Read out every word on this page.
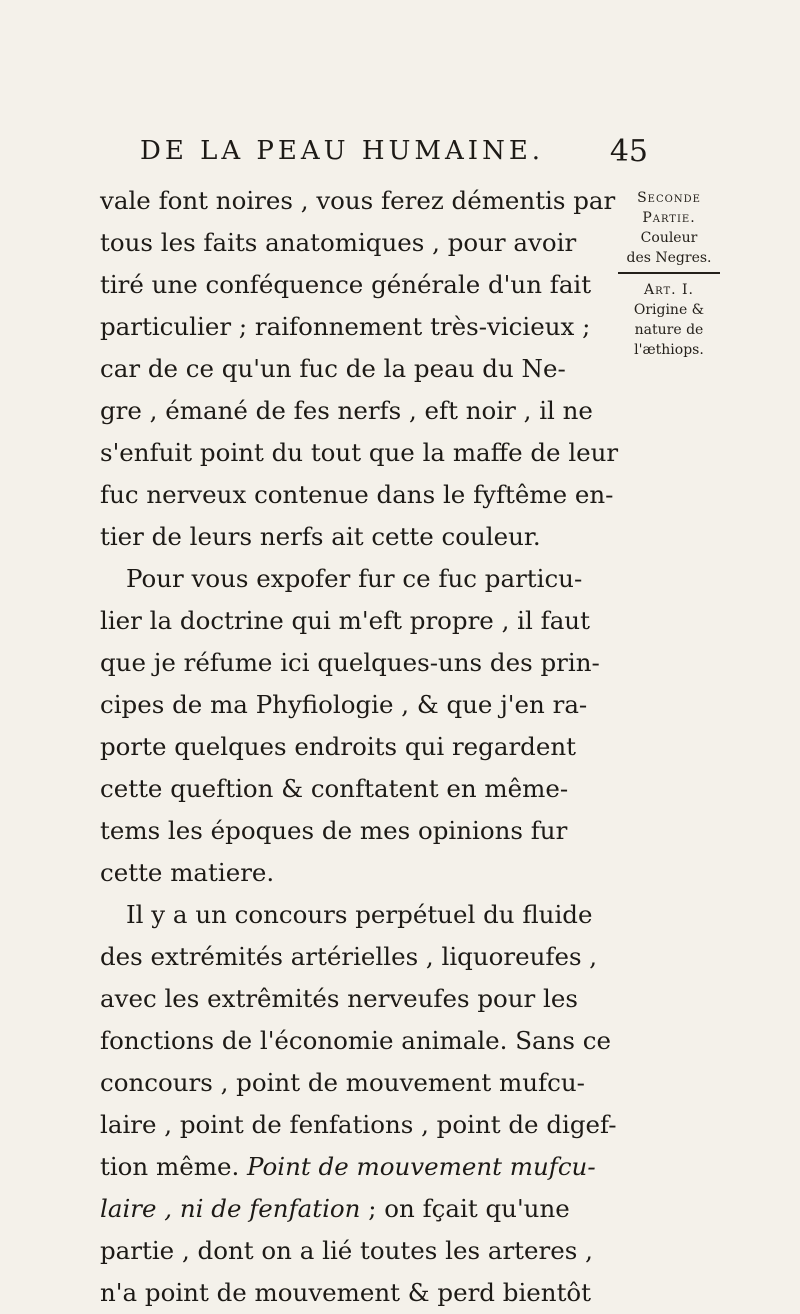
DE LA PEAU HUMAINE. 45
vale font noires , vous ferez démentis par
tous les faits anatomiques , pour avoir
tiré une conféquence générale d'un fait
particulier ; raifonnement très-vicieux ;
car de ce qu'un fuc de la peau du Ne-
gre , émané de fes nerfs , eft noir , il ne
s'enfuit point du tout que la maffe de leur
fuc nerveux contenue dans le fyftême en-
tier de leurs nerfs ait cette couleur.
Pour vous expofer fur ce fuc particu-
lier la doctrine qui m'eft propre , il faut
que je réfume ici quelques-uns des prin-
cipes de ma Phyfiologie , & que j'en ra-
porte quelques endroits qui regardent
cette queftion & conftatent en même-
tems les époques de mes opinions fur
cette matiere.
Il y a un concours perpétuel du fluide
des extrémités artérielles , liquoreufes ,
avec les extrêmités nerveufes pour les
fonctions de l'économie animale. Sans ce
concours , point de mouvement mufcu-
laire , point de fenfations , point de digef-
tion même. Point de mouvement mufcu-
laire , ni de fenfation ; on fçait qu'une
partie , dont on a lié toutes les arteres ,
n'a point de mouvement & perd bientôt
Seconde
Partie.
Couleur
des Negres.
Art. I.
Origine &
nature de
l'æthiops.
